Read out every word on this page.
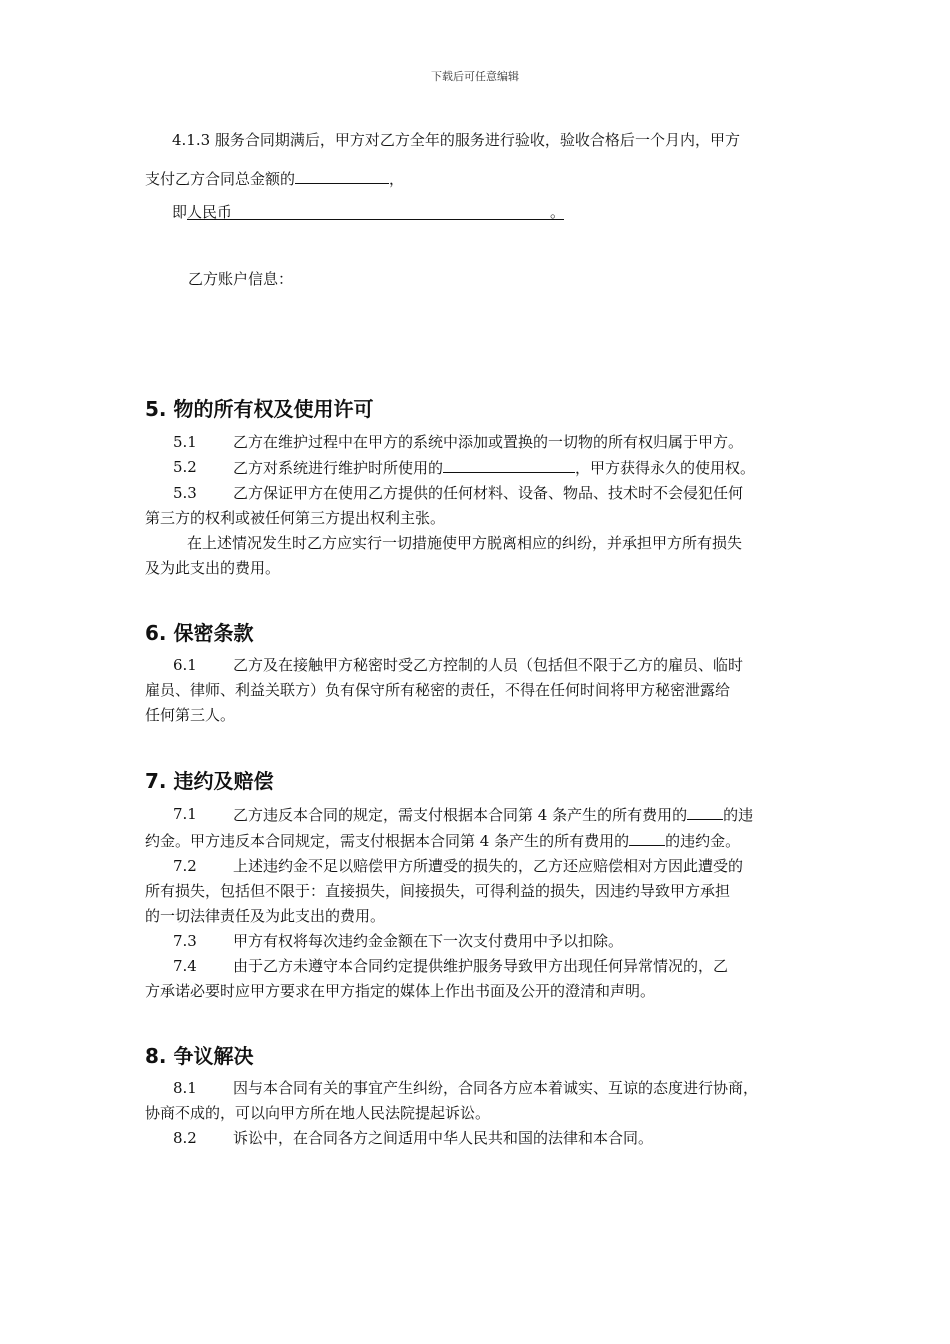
下载后可任意编辑
4.1.3 服务合同期满后，甲方对乙方全年的服务进行验收，验收合格后一个月内，甲方
支付乙方合同总金额的	，
即人民币	。
乙方账户信息：
5. 物的所有权及使用许可
5.1	乙方在维护过程中在甲方的系统中添加或置换的一切物的所有权归属于甲方。
5.2	乙方对系统进行维护时所使用的	，甲方获得永久的使用权。
5.3	乙方保证甲方在使用乙方提供的任何材料、设备、物品、技术时不会侵犯任何
第三方的权利或被任何第三方提出权利主张。
在上述情况发生时乙方应实行一切措施使甲方脱离相应的纠纷，并承担甲方所有损失
及为此支出的费用。
6. 保密条款
6.1	乙方及在接触甲方秘密时受乙方控制的人员（包括但不限于乙方的雇员、临时
雇员、律师、利益关联方）负有保守所有秘密的责任，不得在任何时间将甲方秘密泄露给
任何第三人。
7. 违约及赔偿
7.1	乙方违反本合同的规定，需支付根据本合同第 4 条产生的所有费用的 的违
约金。甲方违反本合同规定，需支付根据本合同第 4 条产生的所有费用的 的违约金。
7.2	上述违约金不足以赔偿甲方所遭受的损失的，乙方还应赔偿相对方因此遭受的
所有损失，包括但不限于：直接损失，间接损失，可得利益的损失，因违约导致甲方承担
的一切法律责任及为此支出的费用。
7.3	甲方有权将每次违约金金额在下一次支付费用中予以扣除。
7.4	由于乙方未遵守本合同约定提供维护服务导致甲方出现任何异常情况的，乙
方承诺必要时应甲方要求在甲方指定的媒体上作出书面及公开的澄清和声明。
8. 争议解决
8.1	因与本合同有关的事宜产生纠纷，合同各方应本着诚实、互谅的态度进行协商，
协商不成的，可以向甲方所在地人民法院提起诉讼。
8.2	诉讼中，在合同各方之间适用中华人民共和国的法律和本合同。
